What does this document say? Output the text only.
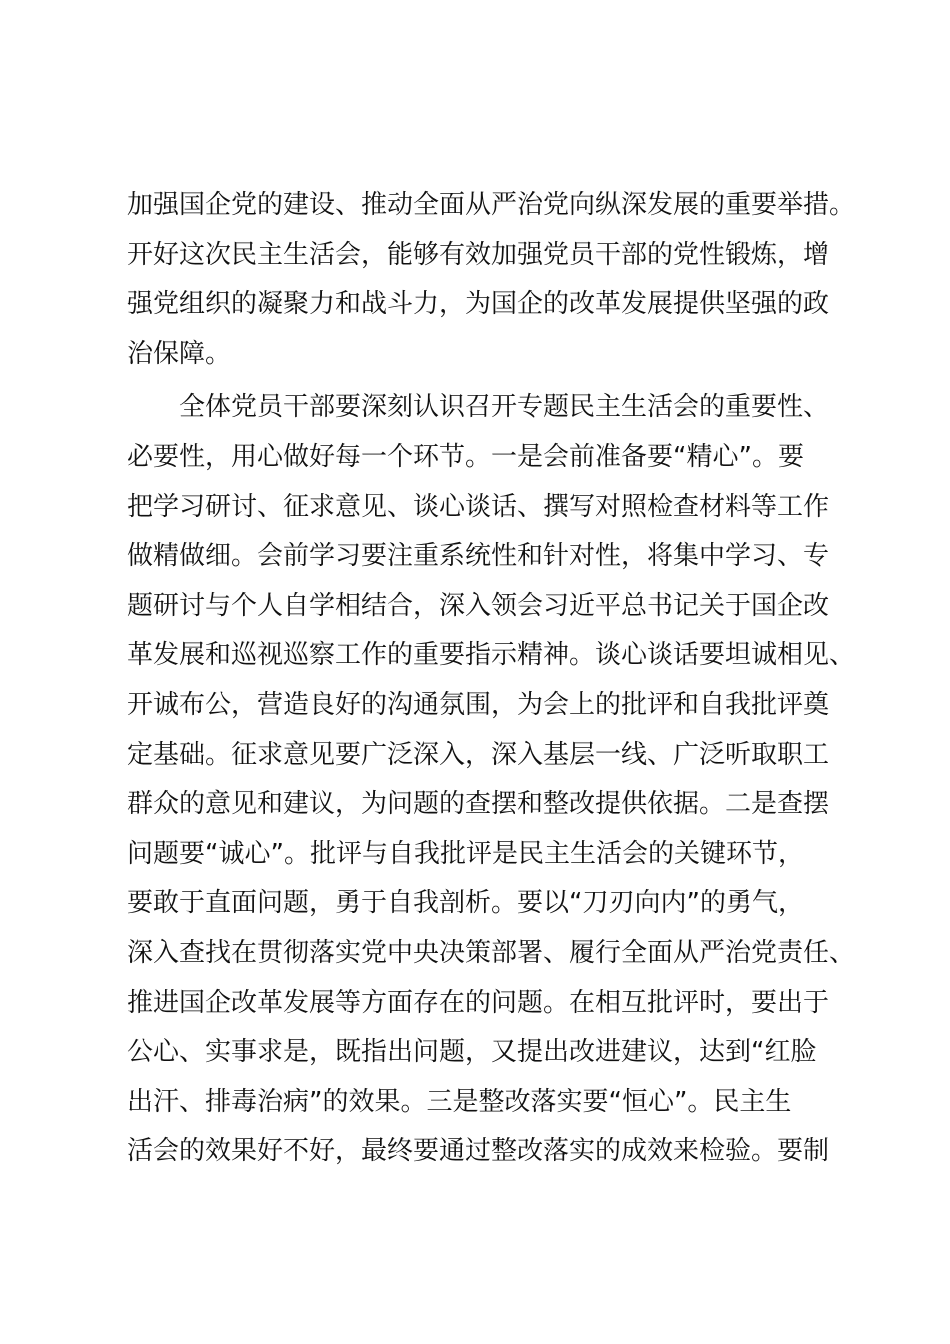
加强国企党的建设、推动全面从严治党向纵深发展的重要举措。
开好这次民主生活会，能够有效加强党员干部的党性锻炼，增
强党组织的凝聚力和战斗力，为国企的改革发展提供坚强的政
治保障。
　　全体党员干部要深刻认识召开专题民主生活会的重要性、
必要性，用心做好每一个环节。一是会前准备要“精心”。要
把学习研讨、征求意见、谈心谈话、撰写对照检查材料等工作
做精做细。会前学习要注重系统性和针对性，将集中学习、专
题研讨与个人自学相结合，深入领会习近平总书记关于国企改
革发展和巡视巡察工作的重要指示精神。谈心谈话要坦诚相见、
开诚布公，营造良好的沟通氛围，为会上的批评和自我批评奠
定基础。征求意见要广泛深入，深入基层一线、广泛听取职工
群众的意见和建议，为问题的查摆和整改提供依据。二是查摆
问题要“诚心”。批评与自我批评是民主生活会的关键环节，
要敢于直面问题，勇于自我剖析。要以“刀刃向内”的勇气，
深入查找在贯彻落实党中央决策部署、履行全面从严治党责任、
推进国企改革发展等方面存在的问题。在相互批评时，要出于
公心、实事求是，既指出问题，又提出改进建议，达到“红脸
出汗、排毒治病”的效果。三是整改落实要“恒心”。民主生
活会的效果好不好，最终要通过整改落实的成效来检验。要制
